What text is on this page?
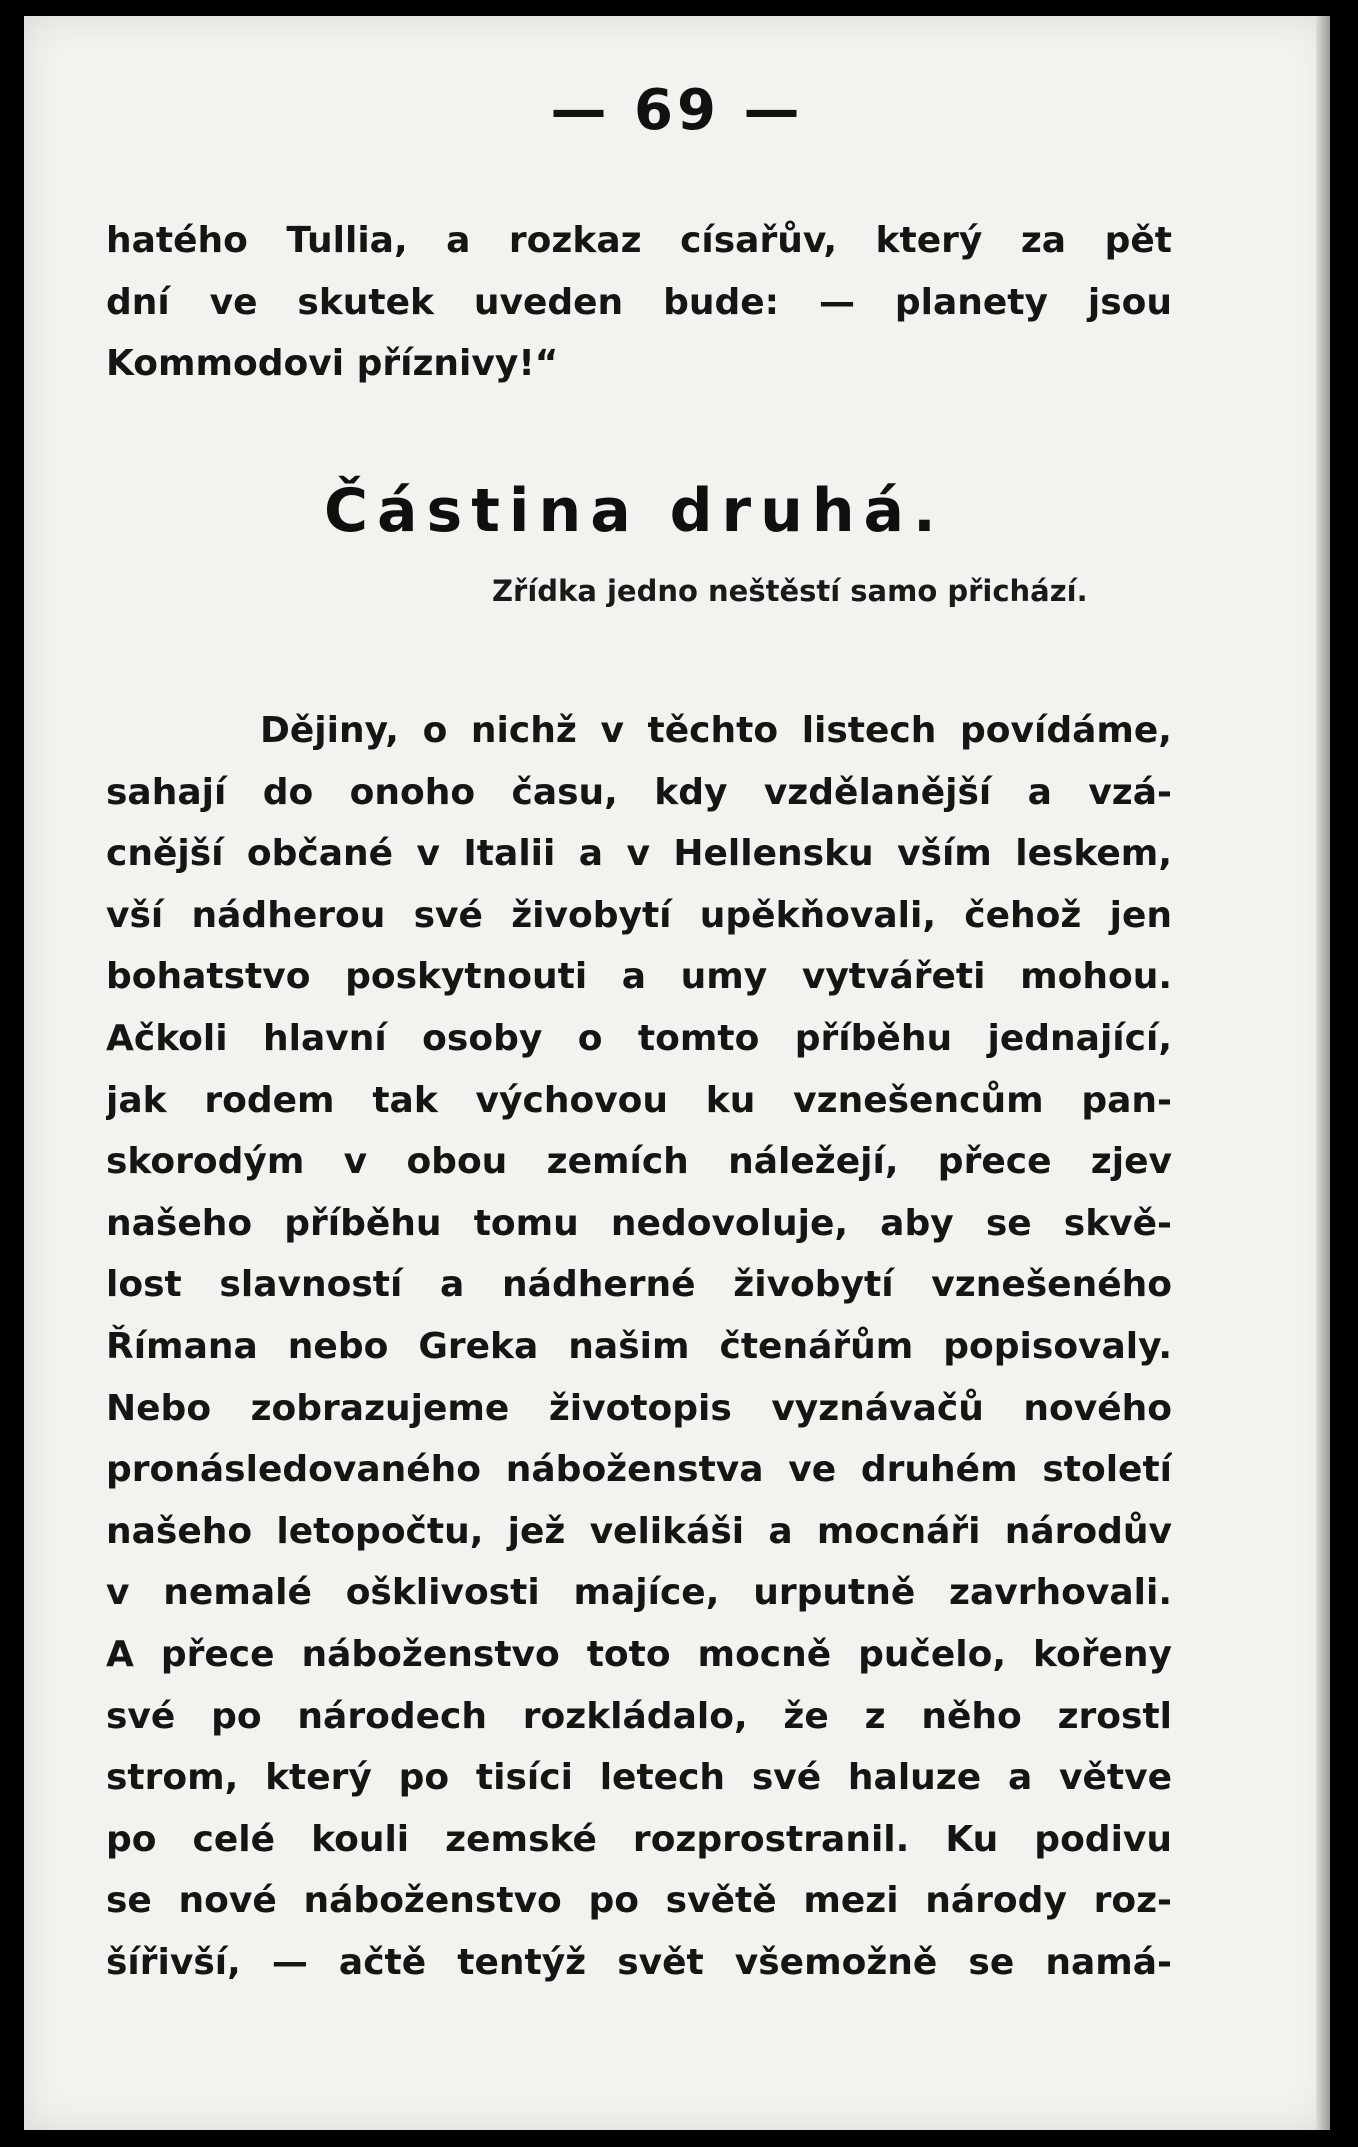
— 69 —
hatého Tullia, a rozkaz císařův, který za pět
dní ve skutek uveden bude: — planety jsou
Kommodovi příznivy!“
Částina druhá.
Zřídka jedno neštěstí samo přichází.
Dějiny, o nichž v těchto listech povídáme,
sahají do onoho času, kdy vzdělanější a vzá-
cnější občané v Italii a v Hellensku vším leskem,
vší nádherou své živobytí upěkňovali, čehož jen
bohatstvo poskytnouti a umy vytvářeti mohou.
Ačkoli hlavní osoby o tomto příběhu jednající,
jak rodem tak výchovou ku vznešencům pan-
skorodým v obou zemích náležejí, přece zjev
našeho příběhu tomu nedovoluje, aby se skvě-
lost slavností a nádherné živobytí vznešeného
Římana nebo Greka našim čtenářům popisovaly.
Nebo zobrazujeme životopis vyznávačů nového
pronásledovaného náboženstva ve druhém století
našeho letopočtu, jež velikáši a mocnáři národův
v nemalé ošklivosti majíce, urputně zavrhovali.
A přece náboženstvo toto mocně pučelo, kořeny
své po národech rozkládalo, že z něho zrostl
strom, který po tisíci letech své haluze a větve
po celé kouli zemské rozprostranil. Ku podivu
se nové náboženstvo po světě mezi národy roz-
šířivší, — ačtě tentýž svět všemožně se namá-
